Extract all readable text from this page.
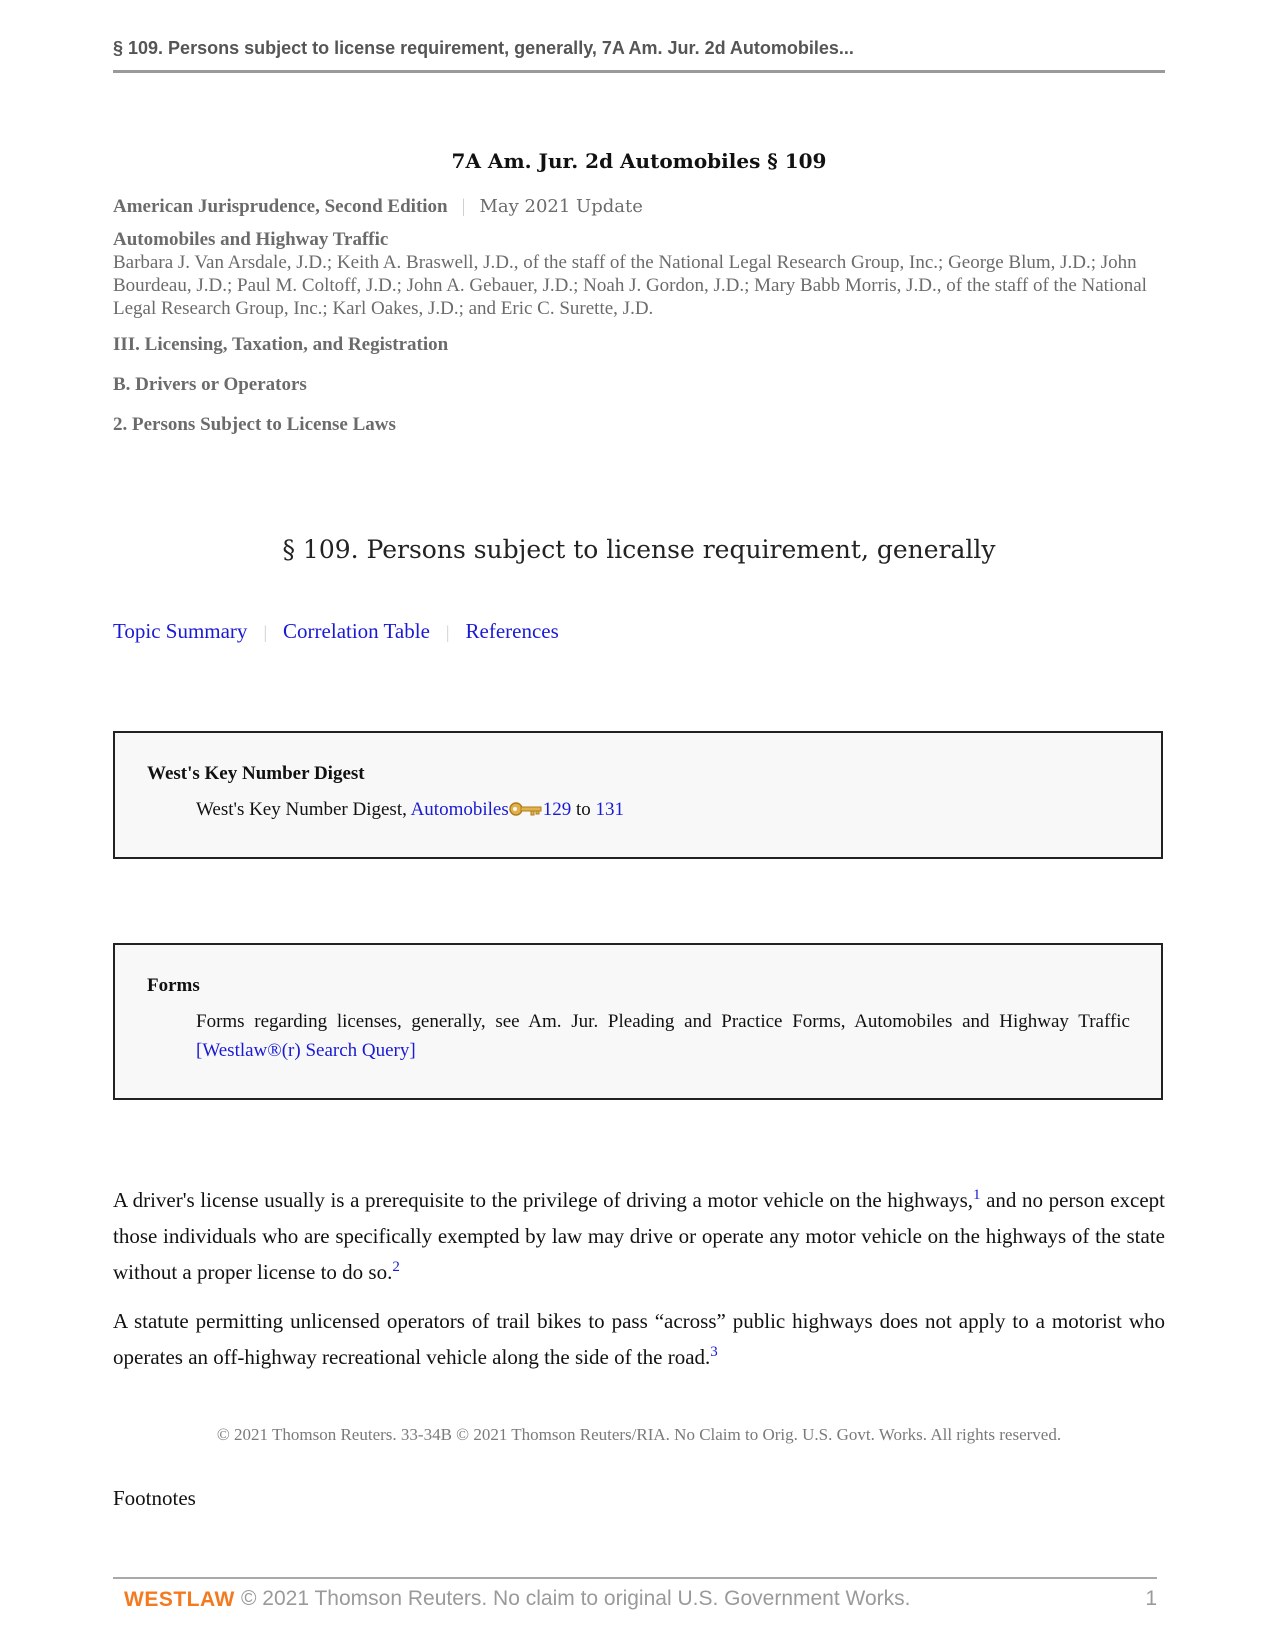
§ 109. Persons subject to license requirement, generally, 7A Am. Jur. 2d Automobiles...
7A Am. Jur. 2d Automobiles § 109
American Jurisprudence, Second Edition | May 2021 Update
Automobiles and Highway Traffic
Barbara J. Van Arsdale, J.D.; Keith A. Braswell, J.D., of the staff of the National Legal Research Group, Inc.; George Blum, J.D.; John Bourdeau, J.D.; Paul M. Coltoff, J.D.; John A. Gebauer, J.D.; Noah J. Gordon, J.D.; Mary Babb Morris, J.D., of the staff of the National Legal Research Group, Inc.; Karl Oakes, J.D.; and Eric C. Surette, J.D.
III. Licensing, Taxation, and Registration
B. Drivers or Operators
2. Persons Subject to License Laws
§ 109. Persons subject to license requirement, generally
Topic Summary | Correlation Table | References
West's Key Number Digest
West's Key Number Digest, Automobiles 129 to 131
Forms
Forms regarding licenses, generally, see Am. Jur. Pleading and Practice Forms, Automobiles and Highway Traffic [Westlaw®(r) Search Query]
A driver's license usually is a prerequisite to the privilege of driving a motor vehicle on the highways,$^1$ and no person except those individuals who are specifically exempted by law may drive or operate any motor vehicle on the highways of the state without a proper license to do so.$^2$
A statute permitting unlicensed operators of trail bikes to pass “across” public highways does not apply to a motorist who operates an off-highway recreational vehicle along the side of the road.$^3$
© 2021 Thomson Reuters. 33-34B © 2021 Thomson Reuters/RIA. No Claim to Orig. U.S. Govt. Works. All rights reserved.
Footnotes
WESTLAW © 2021 Thomson Reuters. No claim to original U.S. Government Works.	1
